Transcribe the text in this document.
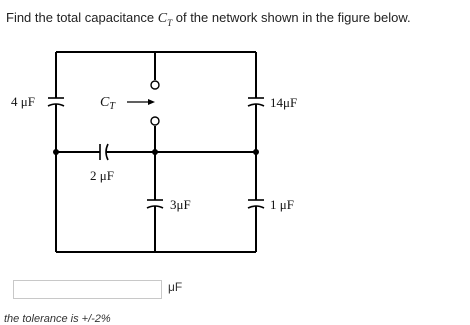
Find the total capacitance $C_T$ of the network shown in the figure below.
4 μF	$C_T$	14μF
2 μF
3μF	1 μF
μF
the tolerance is +/-2%
